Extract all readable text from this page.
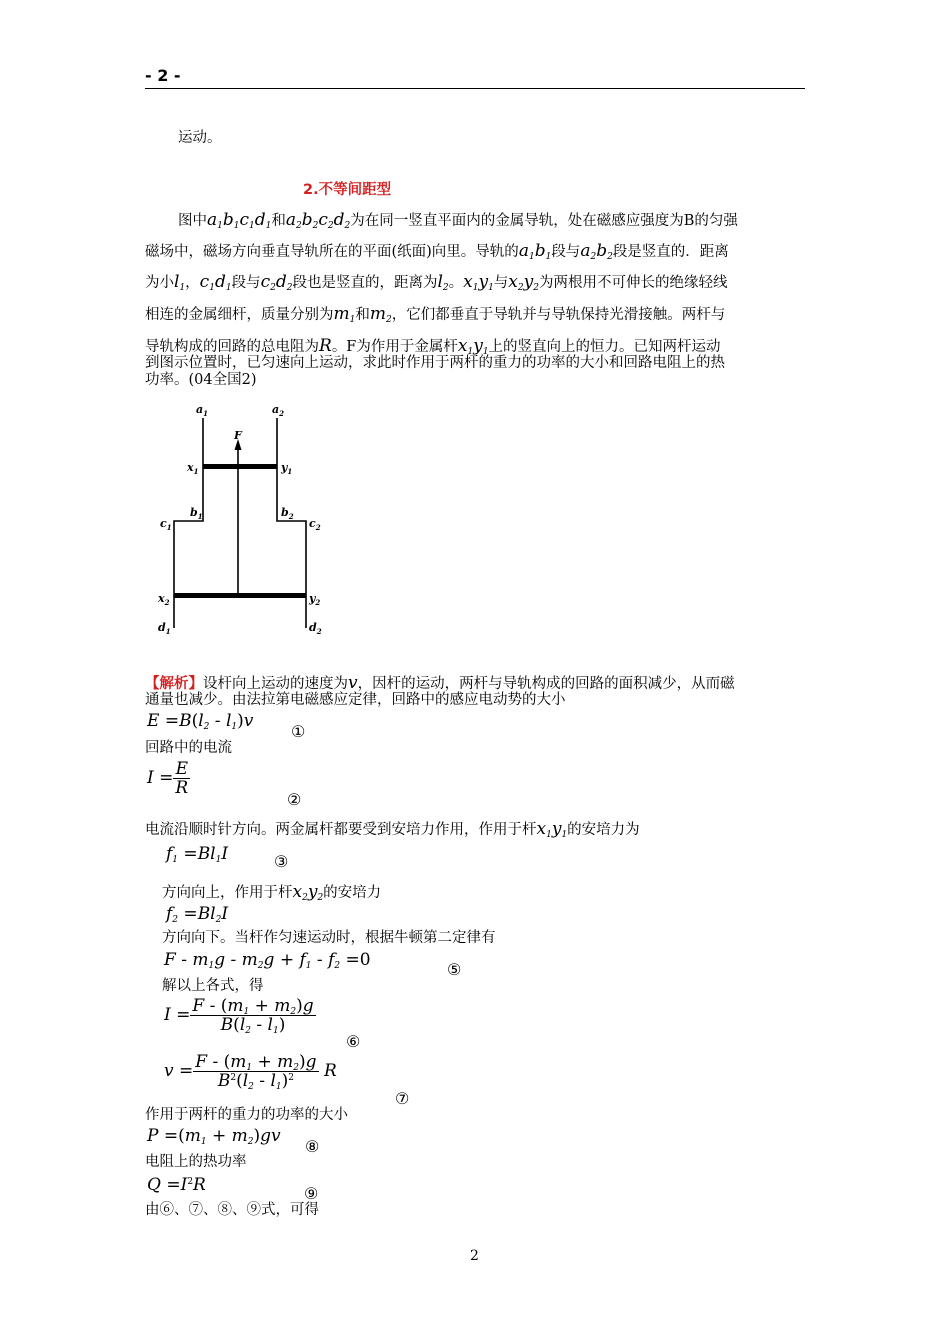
- 2 -
运动。
2.不等间距型
图中$a_1b_1c_1d_1$和$a_2b_2c_2d_2$为在同一竖直平面内的金属导轨，处在磁感应强度为B的匀强
磁场中，磁场方向垂直导轨所在的平面(纸面)向里。导轨的$a_1b_1$段与$a_2b_2$段是竖直的．距离
为小$l_1$，$c_1d_1$段与$c_2d_2$段也是竖直的，距离为$l_2$。$x_1y_1$与$x_2y_2$为两根用不可伸长的绝缘轻线
相连的金属细杆，质量分别为$m_1$和$m_2$，它们都垂直于导轨并与导轨保持光滑接触。两杆与
导轨构成的回路的总电阻为R。F为作用于金属杆$x_1y_1$上的竖直向上的恒力。已知两杆运动
到图示位置时，已匀速向上运动，求此时作用于两杆的重力的功率的大小和回路电阻上的热
功率。(04全国2)
$a_1$	$a_2$
F
$x_1$	$y_1$
$b_1$	$b_2$
$c_1$	$c_2$
$x_2$	$y_2$
$d_1$	$d_2$
【解析】设杆向上运动的速度为v，因杆的运动，两杆与导轨构成的回路的面积减少，从而磁
通量也减少。由法拉第电磁感应定律，回路中的感应电动势的大小
$E =B(l_2 - l_1)v$
①
回路中的电流
$I = \frac{E}{R}$
②
电流沿顺时针方向。两金属杆都要受到安培力作用，作用于杆$x_1y_1$的安培力为
$f_1 =Bl_1I$	③
方向向上，作用于杆$x_2y_2$的安培力
$f_2 =Bl_2I$
方向向下。当杆作匀速运动时，根据牛顿第二定律有
$F - m_1g - m_2g + f_1 - f_2 =0$	⑤
解以上各式，得
$I = \frac{F - (m_1 + m_2)g}{B(l_2 - l_1)}$
⑥
$v = \frac{F - (m_1 + m_2)g}{B^2(l_2 - l_1)^2}$ R
⑦
作用于两杆的重力的功率的大小
$P =(m_1 + m_2)gv$
⑧
电阻上的热功率
$Q =I^2R$	⑨
由⑥、⑦、⑧、⑨式，可得
2
